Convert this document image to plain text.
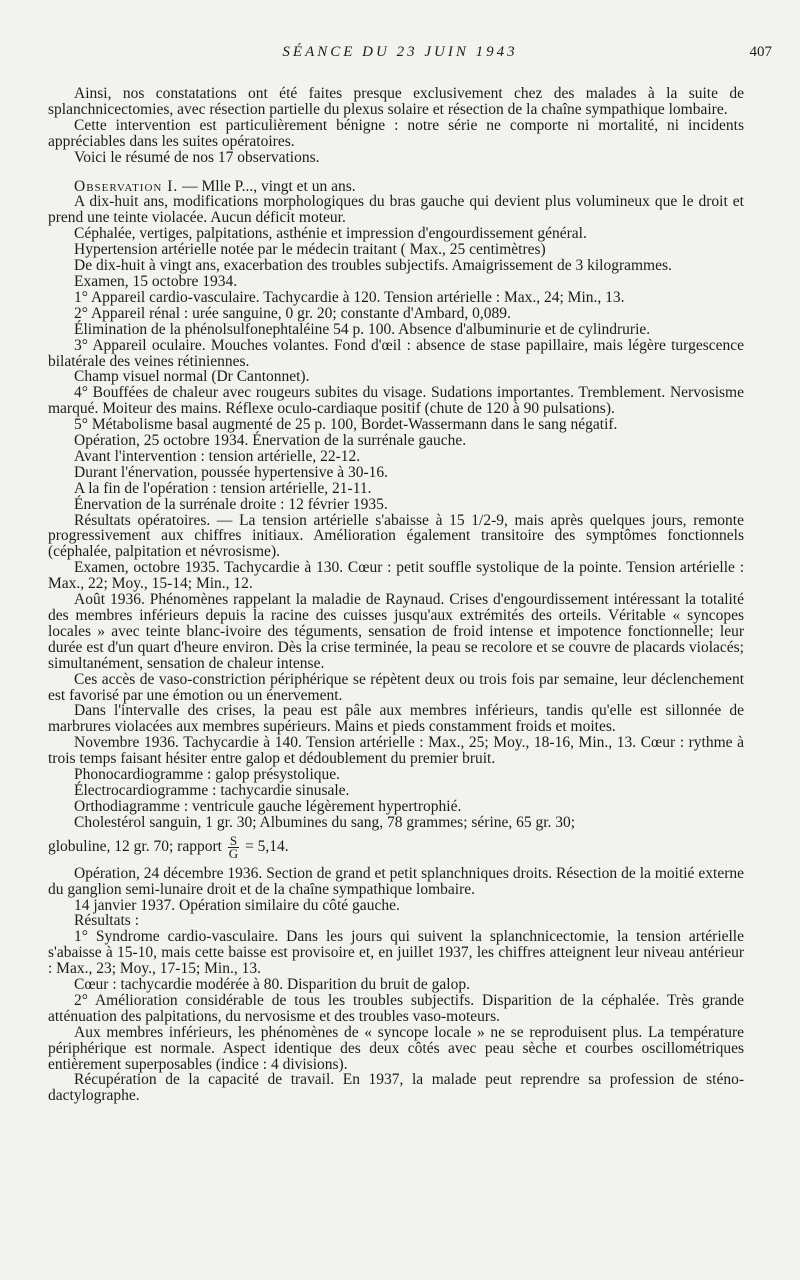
SÉANCE DU 23 JUIN 1943	407

Ainsi, nos constatations ont été faites presque exclusivement chez des malades à la suite de splanchnicectomies, avec résection partielle du plexus solaire et résection de la chaîne sympathique lombaire.

Cette intervention est particulièrement bénigne : notre série ne comporte ni mortalité, ni incidents appréciables dans les suites opératoires.

Voici le résumé de nos 17 observations.

Observation I. — Mlle P..., vingt et un ans.

A dix-huit ans, modifications morphologiques du bras gauche qui devient plus volumineux que le droit et prend une teinte violacée. Aucun déficit moteur.

Céphalée, vertiges, palpitations, asthénie et impression d'engourdissement général.

Hypertension artérielle notée par le médecin traitant ( Max., 25 centimètres)

De dix-huit à vingt ans, exacerbation des troubles subjectifs. Amaigrissement de 3 kilogrammes.

Examen, 15 octobre 1934.

1° Appareil cardio-vasculaire. Tachycardie à 120. Tension artérielle : Max., 24; Min., 13.

2° Appareil rénal : urée sanguine, 0 gr. 20; constante d'Ambard, 0,089.

Élimination de la phénolsulfonephtaléine 54 p. 100. Absence d'albuminurie et de cylindrurie.

3° Appareil oculaire. Mouches volantes. Fond d'œil : absence de stase papillaire, mais légère turgescence bilatérale des veines rétiniennes.

Champ visuel normal (Dr Cantonnet).

4° Bouffées de chaleur avec rougeurs subites du visage. Sudations importantes. Tremblement. Nervosisme marqué. Moiteur des mains. Réflexe oculo-cardiaque positif (chute de 120 à 90 pulsations).

5° Métabolisme basal augmenté de 25 p. 100, Bordet-Wassermann dans le sang négatif.

Opération, 25 octobre 1934. Énervation de la surrénale gauche.

Avant l'intervention : tension artérielle, 22-12.

Durant l'énervation, poussée hypertensive à 30-16.

A la fin de l'opération : tension artérielle, 21-11.

Énervation de la surrénale droite : 12 février 1935.

Résultats opératoires. — La tension artérielle s'abaisse à 15 1/2-9, mais après quelques jours, remonte progressivement aux chiffres initiaux. Amélioration également transitoire des symptômes fonctionnels (céphalée, palpitation et névrosisme).

Examen, octobre 1935. Tachycardie à 130. Cœur : petit souffle systolique de la pointe. Tension artérielle : Max., 22; Moy., 15-14; Min., 12.

Août 1936. Phénomènes rappelant la maladie de Raynaud. Crises d'engourdissement intéressant la totalité des membres inférieurs depuis la racine des cuisses jusqu'aux extrémités des orteils. Véritable « syncopes locales » avec teinte blanc-ivoire des téguments, sensation de froid intense et impotence fonctionnelle; leur durée est d'un quart d'heure environ. Dès la crise terminée, la peau se recolore et se couvre de placards violacés; simultanément, sensation de chaleur intense.

Ces accès de vaso-constriction périphérique se répètent deux ou trois fois par semaine, leur déclenchement est favorisé par une émotion ou un énervement.

Dans l'intervalle des crises, la peau est pâle aux membres inférieurs, tandis qu'elle est sillonnée de marbrures violacées aux membres supérieurs. Mains et pieds constamment froids et moites.

Novembre 1936. Tachycardie à 140. Tension artérielle : Max., 25; Moy., 18-16, Min., 13. Cœur : rythme à trois temps faisant hésiter entre galop et dédoublement du premier bruit.

Phonocardiogramme : galop présystolique.

Électrocardiogramme : tachycardie sinusale.

Orthodiagramme : ventricule gauche légèrement hypertrophié.

Cholestérol sanguin, 1 gr. 30; Albumines du sang, 78 grammes; sérine, 65 gr. 30;

globuline, 12 gr. 70; rapport $\frac{S}{G} = 5,14$.

Opération, 24 décembre 1936. Section de grand et petit splanchniques droits. Résection de la moitié externe du ganglion semi-lunaire droit et de la chaîne sympathique lombaire.

14 janvier 1937. Opération similaire du côté gauche.

Résultats :

1° Syndrome cardio-vasculaire. Dans les jours qui suivent la splanchnicectomie, la tension artérielle s'abaisse à 15-10, mais cette baisse est provisoire et, en juillet 1937, les chiffres atteignent leur niveau antérieur : Max., 23; Moy., 17-15; Min., 13.

Cœur : tachycardie modérée à 80. Disparition du bruit de galop.

2° Amélioration considérable de tous les troubles subjectifs. Disparition de la céphalée. Très grande atténuation des palpitations, du nervosisme et des troubles vaso-moteurs.

Aux membres inférieurs, les phénomènes de « syncope locale » ne se reproduisent plus. La température périphérique est normale. Aspect identique des deux côtés avec peau sèche et courbes oscillométriques entièrement superposables (indice : 4 divisions).

Récupération de la capacité de travail. En 1937, la malade peut reprendre sa profession de sténo-dactylographe.
